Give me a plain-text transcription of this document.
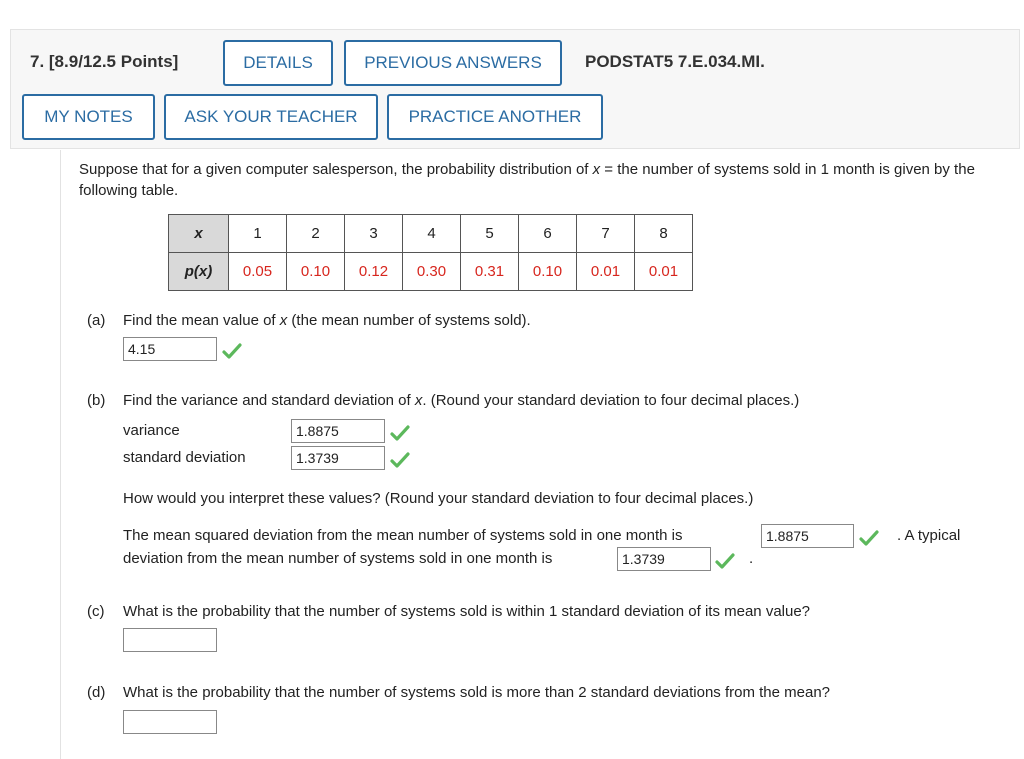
7. [8.9/12.5 Points]	DETAILS	PREVIOUS ANSWERS	PODSTAT5 7.E.034.MI.
MY NOTES	ASK YOUR TEACHER	PRACTICE ANOTHER
Suppose that for a given computer salesperson, the probability distribution of x = the number of systems sold in 1 month is given by the following table.
x	1	2	3	4	5	6	7	8
p(x)	0.05	0.10	0.12	0.30	0.31	0.10	0.01	0.01
(a) Find the mean value of x (the mean number of systems sold).
4.15
(b) Find the variance and standard deviation of x. (Round your standard deviation to four decimal places.)
variance	1.8875
standard deviation	1.3739
How would you interpret these values? (Round your standard deviation to four decimal places.)
The mean squared deviation from the mean number of systems sold in one month is	1.8875	. A typical
deviation from the mean number of systems sold in one month is	1.3739	.
(c) What is the probability that the number of systems sold is within 1 standard deviation of its mean value?
(d) What is the probability that the number of systems sold is more than 2 standard deviations from the mean?
